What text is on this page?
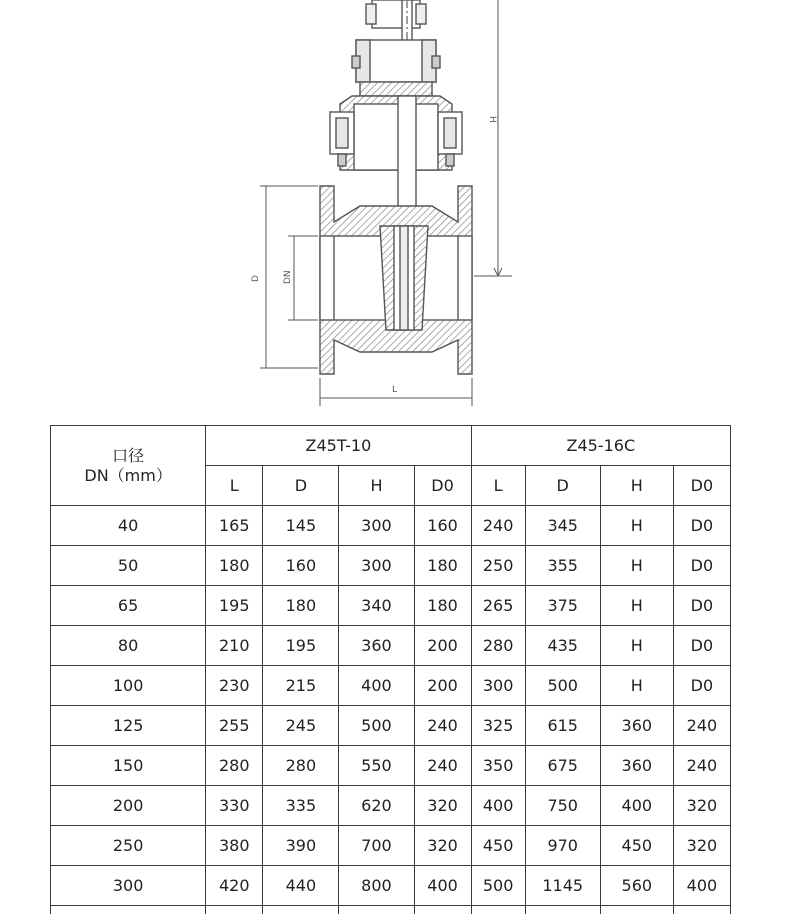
H
D DN
L
口径
DN（mm）	Z45T-10				Z45-16C			
	L	D	H	D0	L	D	H	D0
40	165	145	300	160	240	345	H	D0
50	180	160	300	180	250	355	H	D0
65	195	180	340	180	265	375	H	D0
80	210	195	360	200	280	435	H	D0
100	230	215	400	200	300	500	H	D0
125	255	245	500	240	325	615	360	240
150	280	280	550	240	350	675	360	240
200	330	335	620	320	400	750	400	320
250	380	390	700	320	450	970	450	320
300	420	440	800	400	500	1145	560	400
